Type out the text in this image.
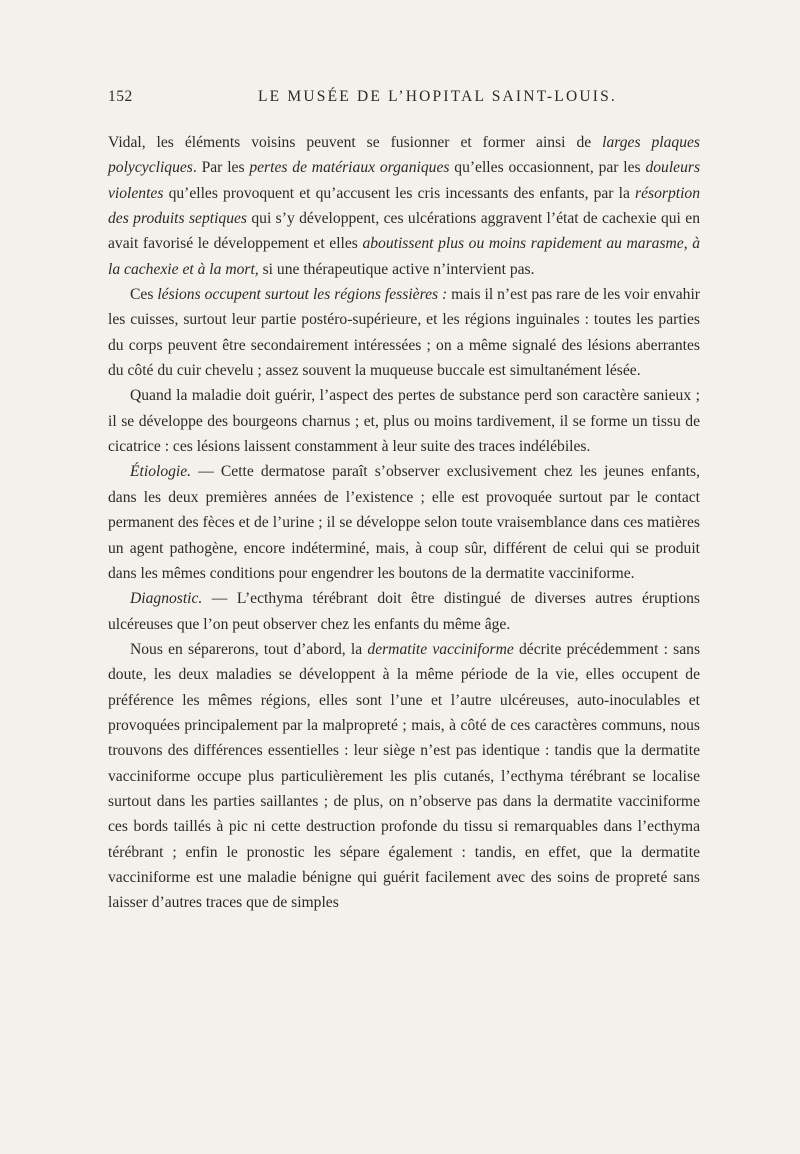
152	LE MUSÉE DE L’HOPITAL SAINT-LOUIS.

Vidal, les éléments voisins peuvent se fusionner et former ainsi de larges plaques polycycliques. Par les pertes de matériaux organiques qu’elles occasionnent, par les douleurs violentes qu’elles provoquent et qu’accusent les cris incessants des enfants, par la résorption des produits septiques qui s’y développent, ces ulcérations aggravent l’état de cachexie qui en avait favorisé le développement et elles aboutissent plus ou moins rapidement au marasme, à la cachexie et à la mort, si une thérapeutique active n’intervient pas.

Ces lésions occupent surtout les régions fessières : mais il n’est pas rare de les voir envahir les cuisses, surtout leur partie postéro-supérieure, et les régions inguinales : toutes les parties du corps peuvent être secondairement intéressées ; on a même signalé des lésions aberrantes du côté du cuir chevelu ; assez souvent la muqueuse buccale est simultanément lésée.

Quand la maladie doit guérir, l’aspect des pertes de substance perd son caractère sanieux ; il se développe des bourgeons charnus ; et, plus ou moins tardivement, il se forme un tissu de cicatrice : ces lésions laissent constamment à leur suite des traces indélébiles.

Étiologie. — Cette dermatose paraît s’observer exclusivement chez les jeunes enfants, dans les deux premières années de l’existence ; elle est provoquée surtout par le contact permanent des fèces et de l’urine ; il se développe selon toute vraisemblance dans ces matières un agent pathogène, encore indéterminé, mais, à coup sûr, différent de celui qui se produit dans les mêmes conditions pour engendrer les boutons de la dermatite vacciniforme.

Diagnostic. — L’ecthyma térébrant doit être distingué de diverses autres éruptions ulcéreuses que l’on peut observer chez les enfants du même âge.

Nous en séparerons, tout d’abord, la dermatite vacciniforme décrite précédemment : sans doute, les deux maladies se développent à la même période de la vie, elles occupent de préférence les mêmes régions, elles sont l’une et l’autre ulcéreuses, auto-inoculables et provoquées principalement par la malpropreté ; mais, à côté de ces caractères communs, nous trouvons des différences essentielles : leur siège n’est pas identique : tandis que la dermatite vacciniforme occupe plus particulièrement les plis cutanés, l’ecthyma térébrant se localise surtout dans les parties saillantes ; de plus, on n’observe pas dans la dermatite vacciniforme ces bords taillés à pic ni cette destruction profonde du tissu si remarquables dans l’ecthyma térébrant ; enfin le pronostic les sépare également : tandis, en effet, que la dermatite vacciniforme est une maladie bénigne qui guérit facilement avec des soins de propreté sans laisser d’autres traces que de simples
